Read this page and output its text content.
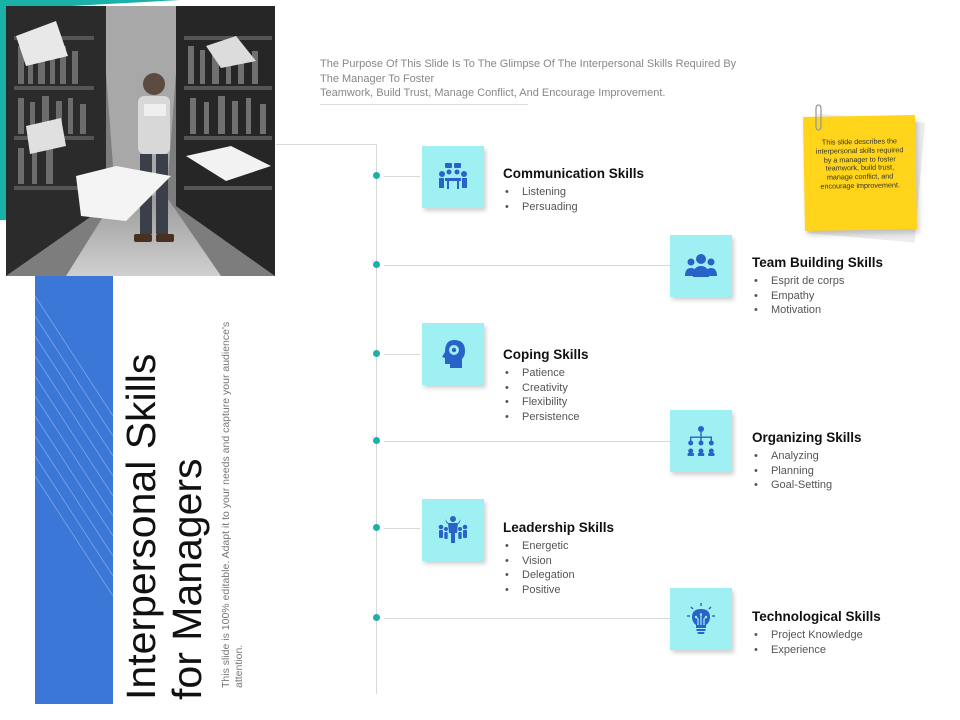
Interpersonal Skills for Managers This slide is 100% editable. Adapt it to your needs and capture your audience's attention.
The Purpose Of This Slide Is To The Glimpse Of The Interpersonal Skills Required By
The Manager To Foster
Teamwork, Build Trust, Manage Conflict, And Encourage Improvement.
Communication Skills
• Listening
• Persuading
Team Building Skills
• Esprit de corps
• Empathy
• Motivation
Coping Skills
• Patience
• Creativity
• Flexibility
• Persistence
Organizing Skills
• Analyzing
• Planning
• Goal-Setting
Leadership Skills
• Energetic
• Vision
• Delegation
• Positive
Technological Skills
• Project Knowledge
• Experience

This slide describes the interpersonal skills required by a manager to foster teamwork, build trust, manage conflict, and encourage improvement.
